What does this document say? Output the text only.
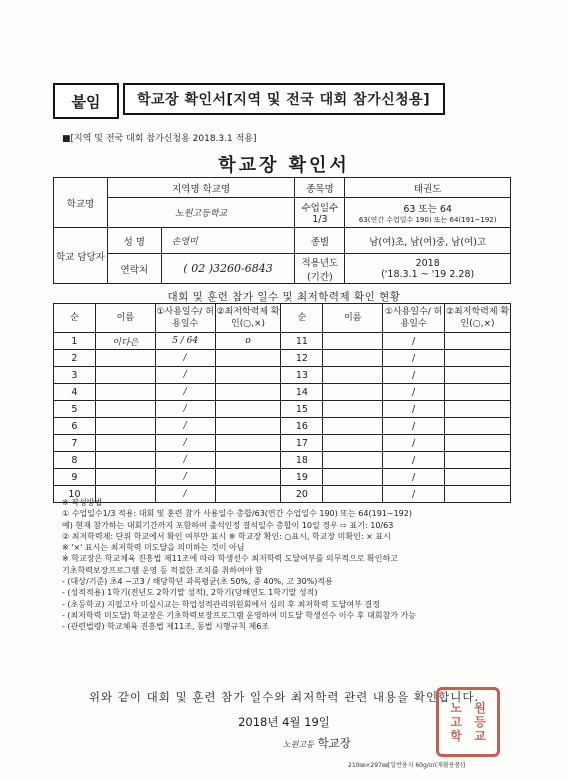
붙임	학교장 확인서[지역 및 전국 대회 참가신청용]
■[지역 및 전국 대회 참가신청용 2018.3.1 적용]
학교장 확인서
학교명	지역명 학교명		종목명	태권도
	노원고등학교		수업일수 1/3	63 또는 64
63(연간 수업일수 190) 또는 64(191~192)

학교 담당자	성 명	손영미	종별	남(여)초, 남(여)중, 남(여)고
	연락처	( 02 )3260-6843	적용년도 (기간)	2018
('18.3.1 ~ '19 2.28)
대회 및 훈련 참가 일수 및 최저학력제 확인 현황
순	이름	①사용일수/ 허용일수	②최저학력제 확인(○,×)	순	이름	①사용일수/ 허용일수	②최저학력제 확인(○,×)
1	이다은	5 / 64	o	11		/	
2		/		12		/	
3		/		13		/	
4		/		14		/	
5		/		15		/	
6		/		16		/	
7		/		17		/	
8		/		18		/	
9		/		19		/	
10		/		20		/	
※ 작성방법
① 수업일수1/3 적용: 대회 및 훈련 참가 사용일수 총합/63(연간 수업일수 190) 또는 64(191~192)
예) 현재 참가하는 대회기간까지 포함하여 출석인정 결석일수 총합이 10일 경우 ⇨ 표기: 10/63
② 최저학력제: 단위 학교에서 확인 여부만 표시 ※ 학교장 확인: ○표시, 학교장 미확인: × 표시
※ '×' 표시는 최저학력 미도달을 의미하는 것이 아님
※ 학교장은 학교체육 진흥법 제11조에 따라 학생선수 최저학력 도달여부를 의무적으로 확인하고
기초학력보장프로그램 운영 등 적절한 조치를 취하여야 함
- (대상/기준) 초4 ~고3 / 해당학년 과목평균(초 50%, 중 40%, 고 30%)적용
- (성적적용) 1학기(전년도 2학기말 성적), 2학기(당해연도 1학기말 성적)
- (초등학교) 지필고사 미실시교는 학업성적관리위원회에서 심의 후 최저학력 도달여부 결정
- (최저학력 미도달) 학교장은 기초학력보장프로그램 운영하여 미도달 학생선수 이수 후 대회참가 가능
- (관련법령) 학교체육 진흥법 제11조, 동법 시행규칙 제6조
위와 같이 대회 및 훈련 참가 일수와 최저학력 관련 내용을 확인합니다.
2018년 4월 19일
노원고등 학교장
노	원
고	등
학	교
210㎜×297㎜[일반용지 60g/㎡(재활용품)]
